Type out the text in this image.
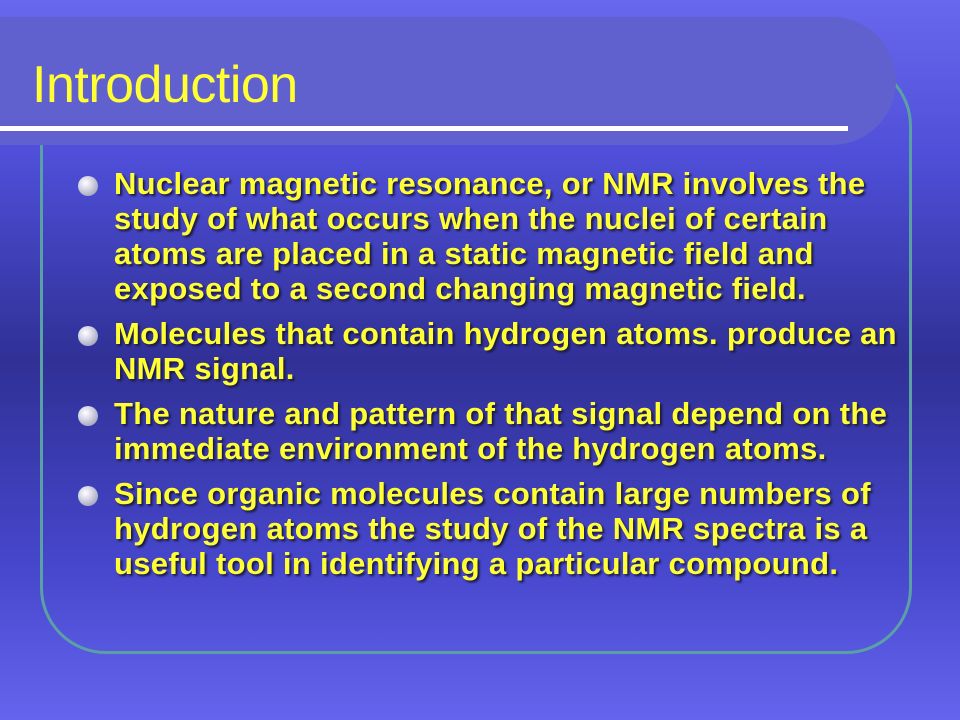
Introduction
Nuclear magnetic resonance, or NMR involves the study of what occurs when the nuclei of certain atoms are placed in a static magnetic field and exposed to a second changing magnetic field.
Molecules that contain hydrogen atoms. produce an NMR signal.
The nature and pattern of that signal depend on the immediate environment of the hydrogen atoms.
Since organic molecules contain large numbers of hydrogen atoms the study of the NMR spectra is a useful tool in identifying a particular compound.
